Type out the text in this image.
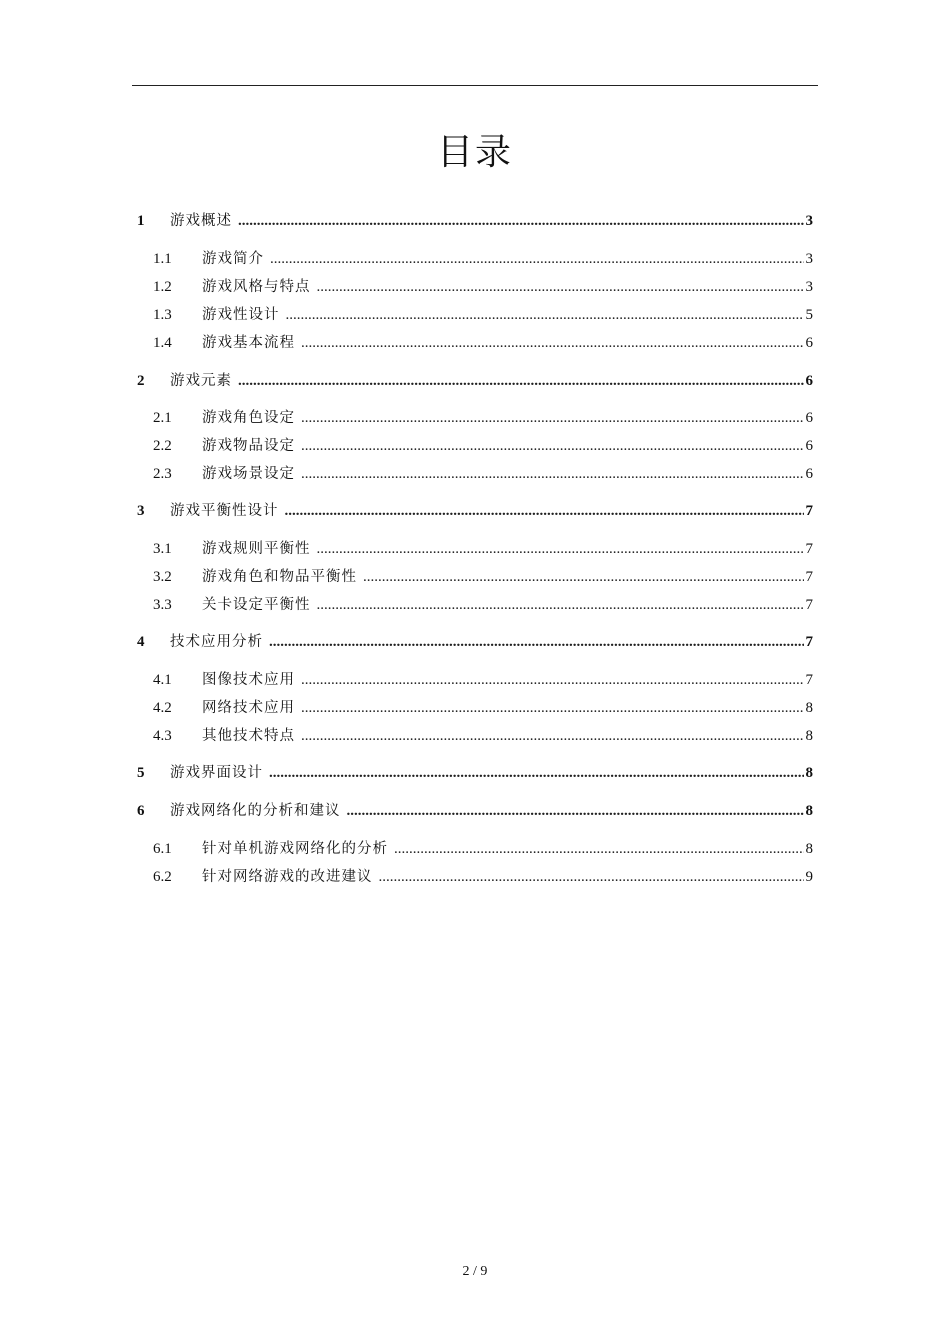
目录
1	游戏概述 .....	3
1.1	游戏简介 .....	3
1.2	游戏风格与特点 .....	3
1.3	游戏性设计 .....	5
1.4	游戏基本流程 .....	6
2	游戏元素 .....	6
2.1	游戏角色设定 .....	6
2.2	游戏物品设定 .....	6
2.3	游戏场景设定 .....	6
3	游戏平衡性设计 .....	7
3.1	游戏规则平衡性 .....	7
3.2	游戏角色和物品平衡性 .....	7
3.3	关卡设定平衡性 .....	7
4	技术应用分析 .....	7
4.1	图像技术应用 .....	7
4.2	网络技术应用 .....	8
4.3	其他技术特点 .....	8
5	游戏界面设计 .....	8
6	游戏网络化的分析和建议 .....	8
6.1	针对单机游戏网络化的分析 .....	8
6.2	针对网络游戏的改进建议 .....	9
2 / 9
